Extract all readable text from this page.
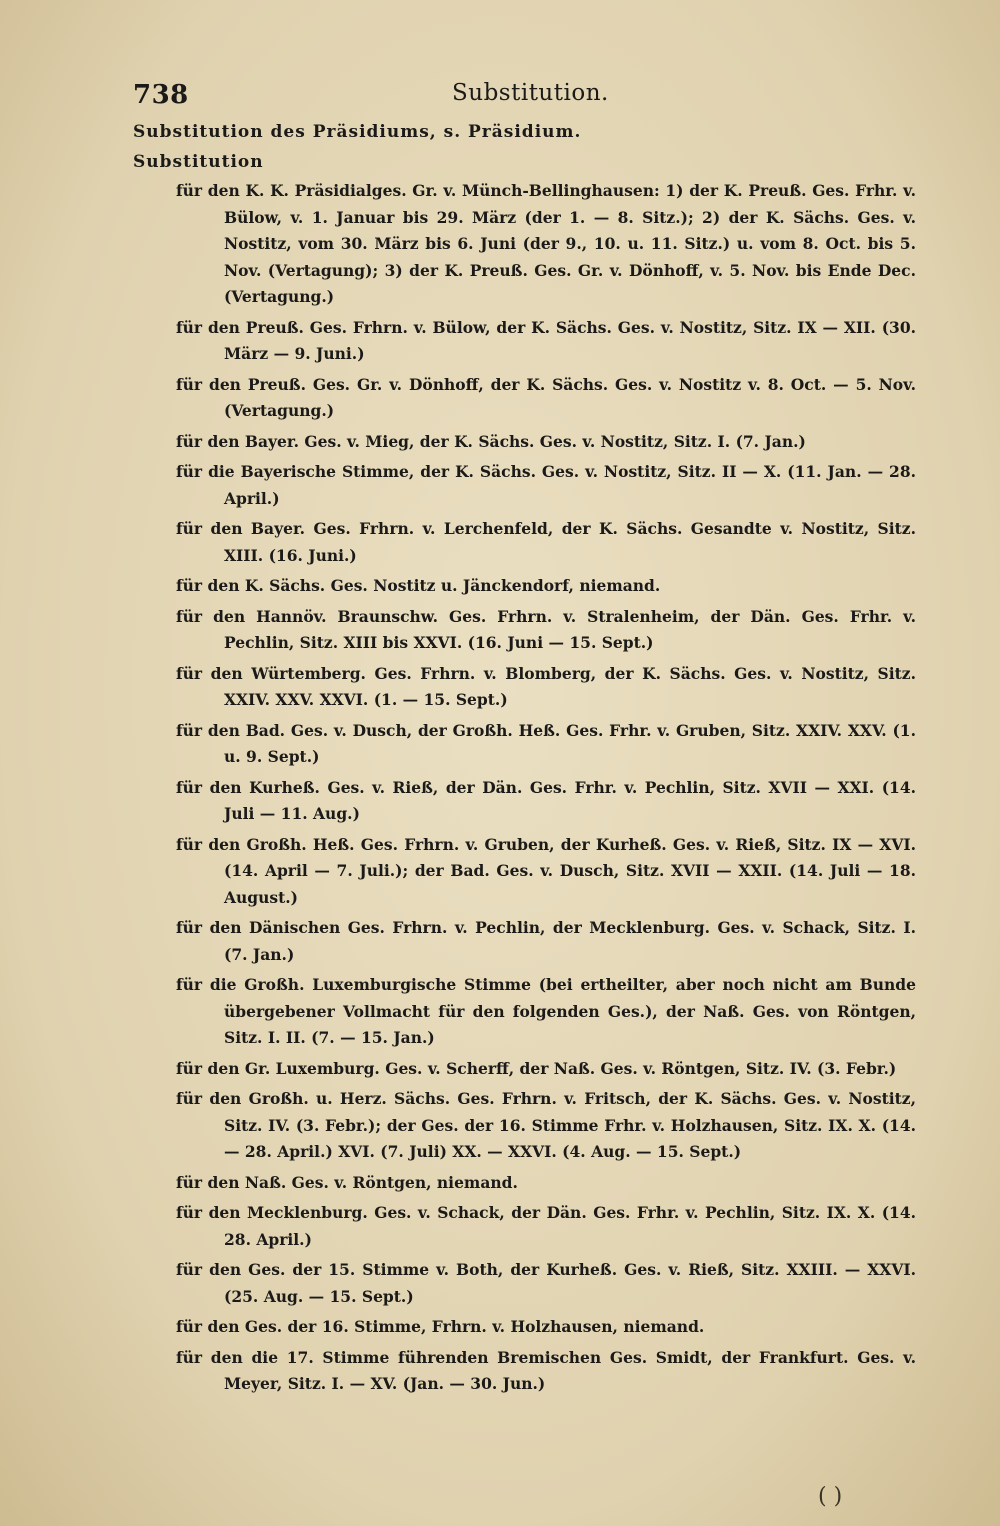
738	Substitution.
Substitution des Präsidiums, s. Präsidium.
Substitution
für den K. K. Präsidialges. Gr. v. Münch-Bellinghausen: 1) der K. Preuß. Ges. Frhr. v. Bülow, v. 1. Januar bis 29. März (der 1. — 8. Sitz.); 2) der K. Sächs. Ges. v. Nostitz, vom 30. März bis 6. Juni (der 9., 10. u. 11. Sitz.) u. vom 8. Oct. bis 5. Nov. (Vertagung); 3) der K. Preuß. Ges. Gr. v. Dönhoff, v. 5. Nov. bis Ende Dec. (Vertagung.)
für den Preuß. Ges. Frhrn. v. Bülow, der K. Sächs. Ges. v. Nostitz, Sitz. IX — XII. (30. März — 9. Juni.)
für den Preuß. Ges. Gr. v. Dönhoff, der K. Sächs. Ges. v. Nostitz v. 8. Oct. — 5. Nov. (Vertagung.)
für den Bayer. Ges. v. Mieg, der K. Sächs. Ges. v. Nostitz, Sitz. I. (7. Jan.)
für die Bayerische Stimme, der K. Sächs. Ges. v. Nostitz, Sitz. II — X. (11. Jan. — 28. April.)
für den Bayer. Ges. Frhrn. v. Lerchenfeld, der K. Sächs. Gesandte v. Nostitz, Sitz. XIII. (16. Juni.)
für den K. Sächs. Ges. Nostitz u. Jänckendorf, niemand.
für den Hannöv. Braunschw. Ges. Frhrn. v. Stralenheim, der Dän. Ges. Frhr. v. Pechlin, Sitz. XIII bis XXVI. (16. Juni — 15. Sept.)
für den Würtemberg. Ges. Frhrn. v. Blomberg, der K. Sächs. Ges. v. Nostitz, Sitz. XXIV. XXV. XXVI. (1. — 15. Sept.)
für den Bad. Ges. v. Dusch, der Großh. Heß. Ges. Frhr. v. Gruben, Sitz. XXIV. XXV. (1. u. 9. Sept.)
für den Kurheß. Ges. v. Rieß, der Dän. Ges. Frhr. v. Pechlin, Sitz. XVII — XXI. (14. Juli — 11. Aug.)
für den Großh. Heß. Ges. Frhrn. v. Gruben, der Kurheß. Ges. v. Rieß, Sitz. IX — XVI. (14. April — 7. Juli.); der Bad. Ges. v. Dusch, Sitz. XVII — XXII. (14. Juli — 18. August.)
für den Dänischen Ges. Frhrn. v. Pechlin, der Mecklenburg. Ges. v. Schack, Sitz. I. (7. Jan.)
für die Großh. Luxemburgische Stimme (bei ertheilter, aber noch nicht am Bunde übergebener Vollmacht für den folgenden Ges.), der Naß. Ges. von Röntgen, Sitz. I. II. (7. — 15. Jan.)
für den Gr. Luxemburg. Ges. v. Scherff, der Naß. Ges. v. Röntgen, Sitz. IV. (3. Febr.)
für den Großh. u. Herz. Sächs. Ges. Frhrn. v. Fritsch, der K. Sächs. Ges. v. Nostitz, Sitz. IV. (3. Febr.); der Ges. der 16. Stimme Frhr. v. Holzhausen, Sitz. IX. X. (14. — 28. April.) XVI. (7. Juli) XX. — XXVI. (4. Aug. — 15. Sept.)
für den Naß. Ges. v. Röntgen, niemand.
für den Mecklenburg. Ges. v. Schack, der Dän. Ges. Frhr. v. Pechlin, Sitz. IX. X. (14. 28. April.)
für den Ges. der 15. Stimme v. Both, der Kurheß. Ges. v. Rieß, Sitz. XXIII. — XXVI. (25. Aug. — 15. Sept.)
für den Ges. der 16. Stimme, Frhrn. v. Holzhausen, niemand.
für den die 17. Stimme führenden Bremischen Ges. Smidt, der Frankfurt. Ges. v. Meyer, Sitz. I. — XV. (Jan. — 30. Jun.)
( )
